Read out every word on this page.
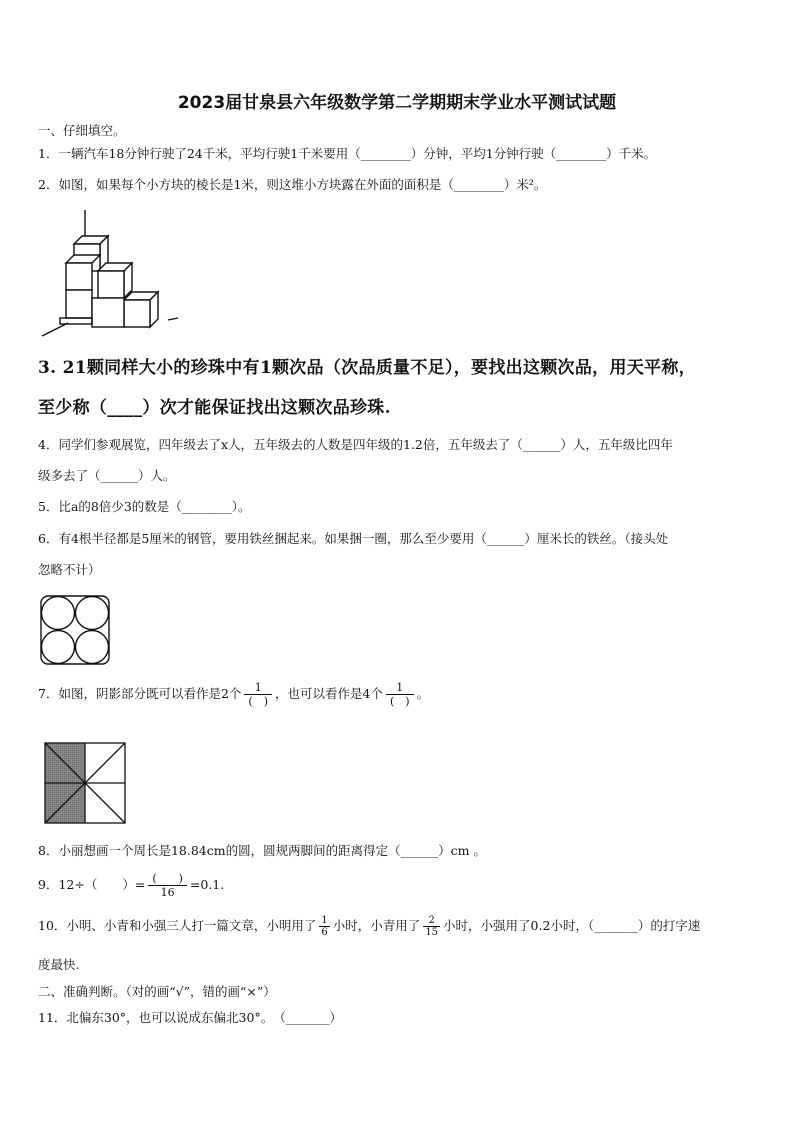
2023届甘泉县六年级数学第二学期期末学业水平测试试题
一、仔细填空。
1．一辆汽车18分钟行驶了24千米，平均行驶1千米要用（________）分钟，平均1分钟行驶（________）千米。
2．如图，如果每个小方块的棱长是1米，则这堆小方块露在外面的面积是（________）米²。
3. 21颗同样大小的珍珠中有1颗次品（次品质量不足），要找出这颗次品，用天平称，
至少称（____）次才能保证找出这颗次品珍珠.
4．同学们参观展览，四年级去了x人，五年级去的人数是四年级的1.2倍，五年级去了（______）人，五年级比四年
级多去了（______）人。
5．比a的8倍少3的数是（________）。
6．有4根半径都是5厘米的钢管，要用铁丝捆起来。如果捆一圈，那么至少要用（______）厘米长的铁丝。（接头处
忽略不计）
7．如图，阴影部分既可以看作是2个 $\frac{1}{( )}$ ，也可以看作是4个 $\frac{1}{( )}$ 。
8．小丽想画一个周长是18.84cm的圆，圆规两脚间的距离得定（______）cm 。
9．12÷（　　）= $\frac{( )}{16} =0.1$.
10．小明、小青和小强三人打一篇文章，小明用了 $\frac{1}{6}$ 小时，小青用了 $\frac{2}{15}$ 小时，小强用了0.2小时，（_______）的打字速
度最快.
二、准确判断。（对的画“√”，错的画“×”）
11．北偏东30°，也可以说成东偏北30°。　（_______）
